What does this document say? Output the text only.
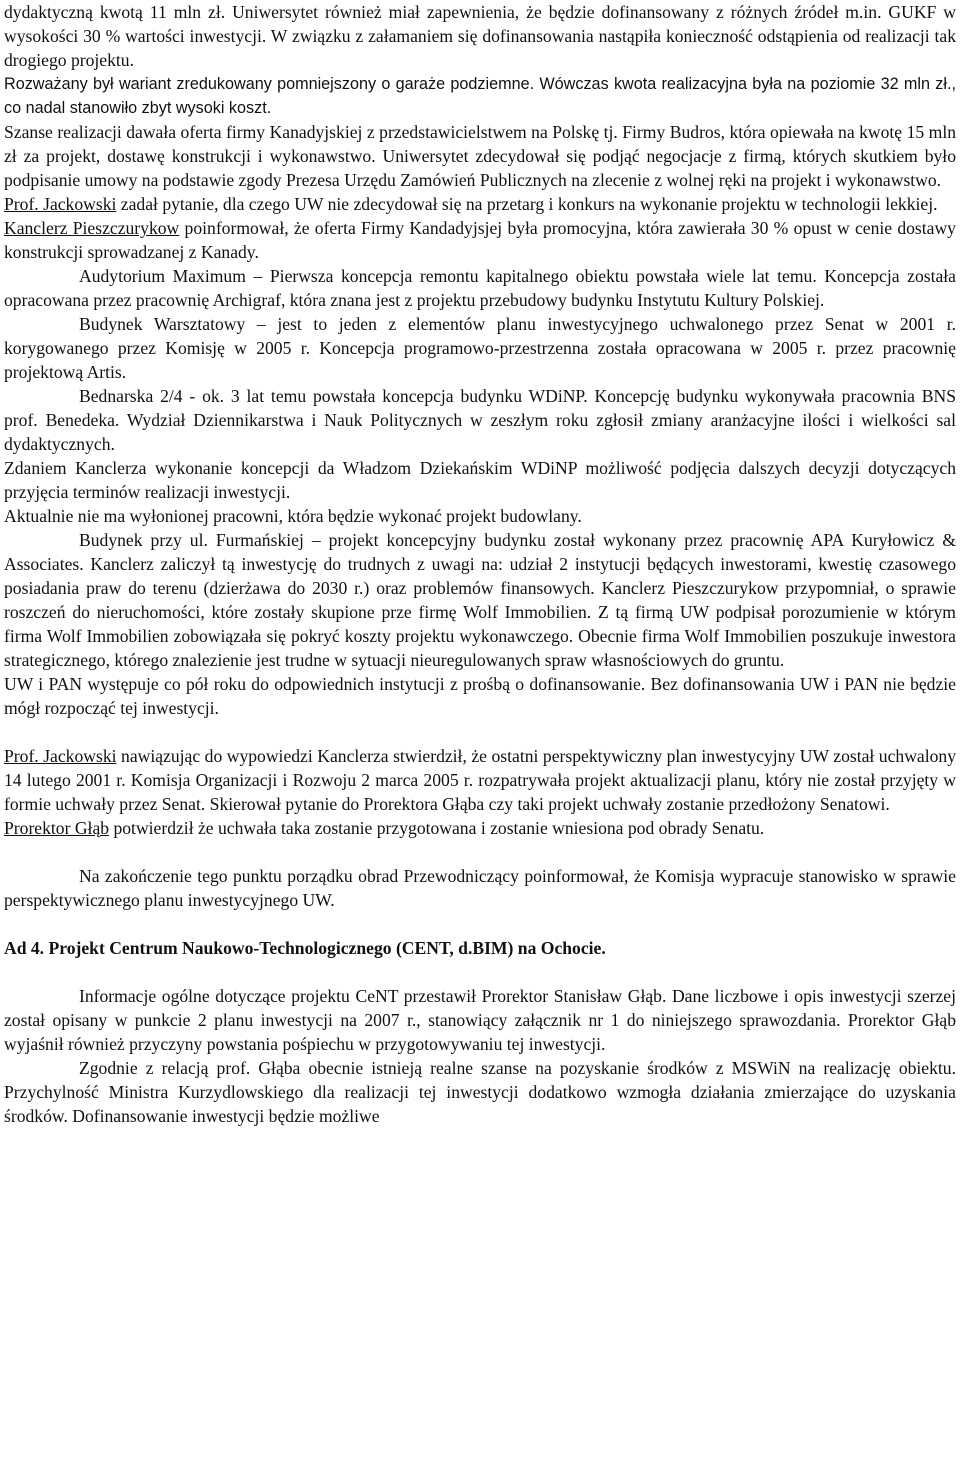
dydaktyczną kwotą 11 mln zł. Uniwersytet również miał zapewnienia, że będzie dofinansowany z różnych źródeł m.in. GUKF w wysokości 30 % wartości inwestycji. W związku z załamaniem się dofinansowania nastąpiła konieczność odstąpienia od realizacji tak drogiego projektu.

Rozważany był wariant zredukowany pomniejszony o garaże podziemne. Wówczas kwota realizacyjna była na poziomie 32 mln zł., co nadal stanowiło zbyt wysoki koszt.

Szanse realizacji dawała oferta firmy Kanadyjskiej z przedstawicielstwem na Polskę tj. Firmy Budros, która opiewała na kwotę 15 mln zł za projekt, dostawę konstrukcji i wykonawstwo. Uniwersytet zdecydował się podjąć negocjacje z firmą, których skutkiem było podpisanie umowy na podstawie zgody Prezesa Urzędu Zamówień Publicznych na zlecenie z wolnej ręki na projekt i wykonawstwo.

Prof. Jackowski zadał pytanie, dla czego UW nie zdecydował się na przetarg i konkurs na wykonanie projektu w technologii lekkiej.

Kanclerz Pieszczurykow poinformował, że oferta Firmy Kandadyjsjej była promocyjna, która zawierała 30 % opust w cenie dostawy konstrukcji sprowadzanej z Kanady.

Audytorium Maximum – Pierwsza koncepcja remontu kapitalnego obiektu powstała wiele lat temu. Koncepcja została opracowana przez pracownię Archigraf, która znana jest z projektu przebudowy budynku Instytutu Kultury Polskiej.

Budynek Warsztatowy – jest to jeden z elementów planu inwestycyjnego uchwalonego przez Senat w 2001 r. korygowanego przez Komisję w 2005 r. Koncepcja programowo-przestrzenna została opracowana w 2005 r. przez pracownię projektową Artis.

Bednarska 2/4 - ok. 3 lat temu powstała koncepcja budynku WDiNP. Koncepcję budynku wykonywała pracownia BNS prof. Benedeka. Wydział Dziennikarstwa i Nauk Politycznych w zeszłym roku zgłosił zmiany aranżacyjne ilości i wielkości sal dydaktycznych.

Zdaniem Kanclerza wykonanie koncepcji da Władzom Dziekańskim WDiNP możliwość podjęcia dalszych decyzji dotyczących przyjęcia terminów realizacji inwestycji.

Aktualnie nie ma wyłonionej pracowni, która będzie wykonać projekt budowlany.

Budynek przy ul. Furmańskiej – projekt koncepcyjny budynku został wykonany przez pracownię APA Kuryłowicz & Associates. Kanclerz zaliczył tą inwestycję do trudnych z uwagi na: udział 2 instytucji będących inwestorami, kwestię czasowego posiadania praw do terenu (dzierżawa do 2030 r.) oraz problemów finansowych. Kanclerz Pieszczurykow przypomniał, o sprawie roszczeń do nieruchomości, które zostały skupione prze firmę Wolf Immobilien. Z tą firmą UW podpisał porozumienie w którym firma Wolf Immobilien zobowiązała się pokryć koszty projektu wykonawczego. Obecnie firma Wolf Immobilien poszukuje inwestora strategicznego, którego znalezienie jest trudne w sytuacji nieuregulowanych spraw własnościowych do gruntu.

UW i PAN występuje co pół roku do odpowiednich instytucji z prośbą o dofinansowanie. Bez dofinansowania UW i PAN nie będzie mógł rozpocząć tej inwestycji.

Prof. Jackowski nawiązując do wypowiedzi Kanclerza stwierdził, że ostatni perspektywiczny plan inwestycyjny UW został uchwalony 14 lutego 2001 r. Komisja Organizacji i Rozwoju 2 marca 2005 r. rozpatrywała projekt aktualizacji planu, który nie został przyjęty w formie uchwały przez Senat. Skierował pytanie do Prorektora Głąba czy taki projekt uchwały zostanie przedłożony Senatowi.

Prorektor Głąb potwierdził że uchwała taka zostanie przygotowana i zostanie wniesiona pod obrady Senatu.

Na zakończenie tego punktu porządku obrad Przewodniczący poinformował, że Komisja wypracuje stanowisko w sprawie perspektywicznego planu inwestycyjnego UW.

Ad 4. Projekt Centrum Naukowo-Technologicznego (CENT, d.BIM) na Ochocie.

Informacje ogólne dotyczące projektu CeNT przestawił Prorektor Stanisław Głąb. Dane liczbowe i opis inwestycji szerzej został opisany w punkcie 2 planu inwestycji na 2007 r., stanowiący załącznik nr 1 do niniejszego sprawozdania. Prorektor Głąb wyjaśnił również przyczyny powstania pośpiechu w przygotowywaniu tej inwestycji.

Zgodnie z relacją prof. Głąba obecnie istnieją realne szanse na pozyskanie środków z MSWiN na realizację obiektu. Przychylność Ministra Kurzydlowskiego dla realizacji tej inwestycji dodatkowo wzmogła działania zmierzające do uzyskania środków. Dofinansowanie inwestycji będzie możliwe
